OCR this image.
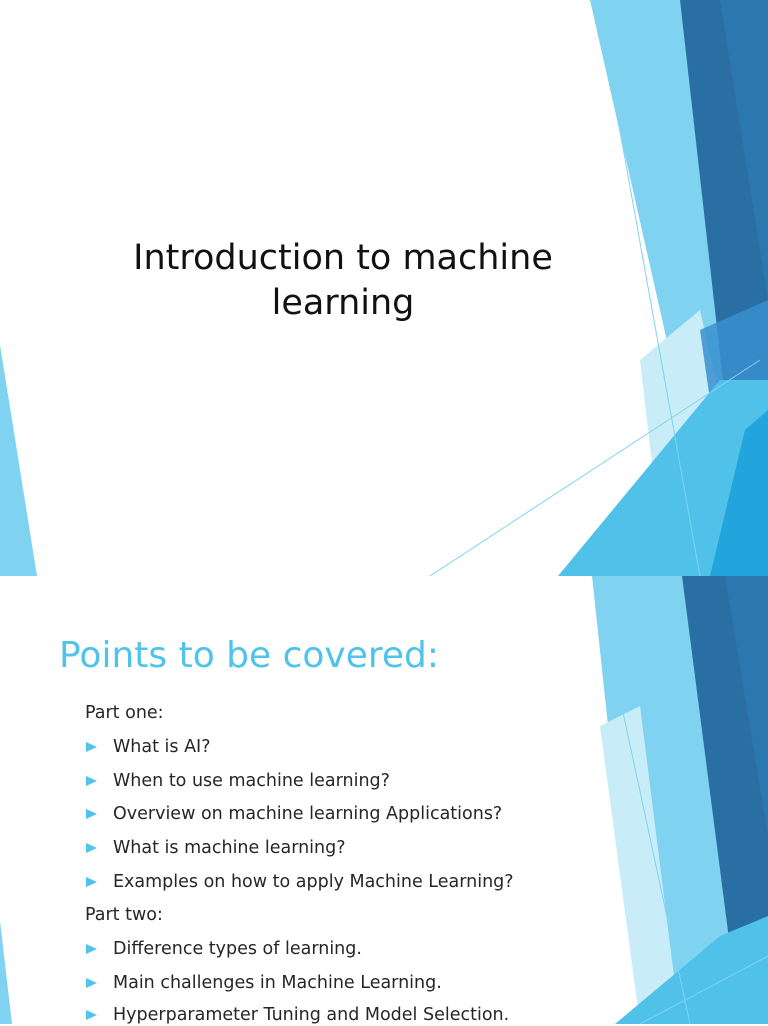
Introduction to machine learning
Points to be covered:
Part one:
What is AI?
When to use machine learning?
Overview on machine learning Applications?
What is machine learning?
Examples on how to apply Machine Learning?
Part two:
Difference types of learning.
Main challenges in Machine Learning.
Hyperparameter Tuning and Model Selection.
